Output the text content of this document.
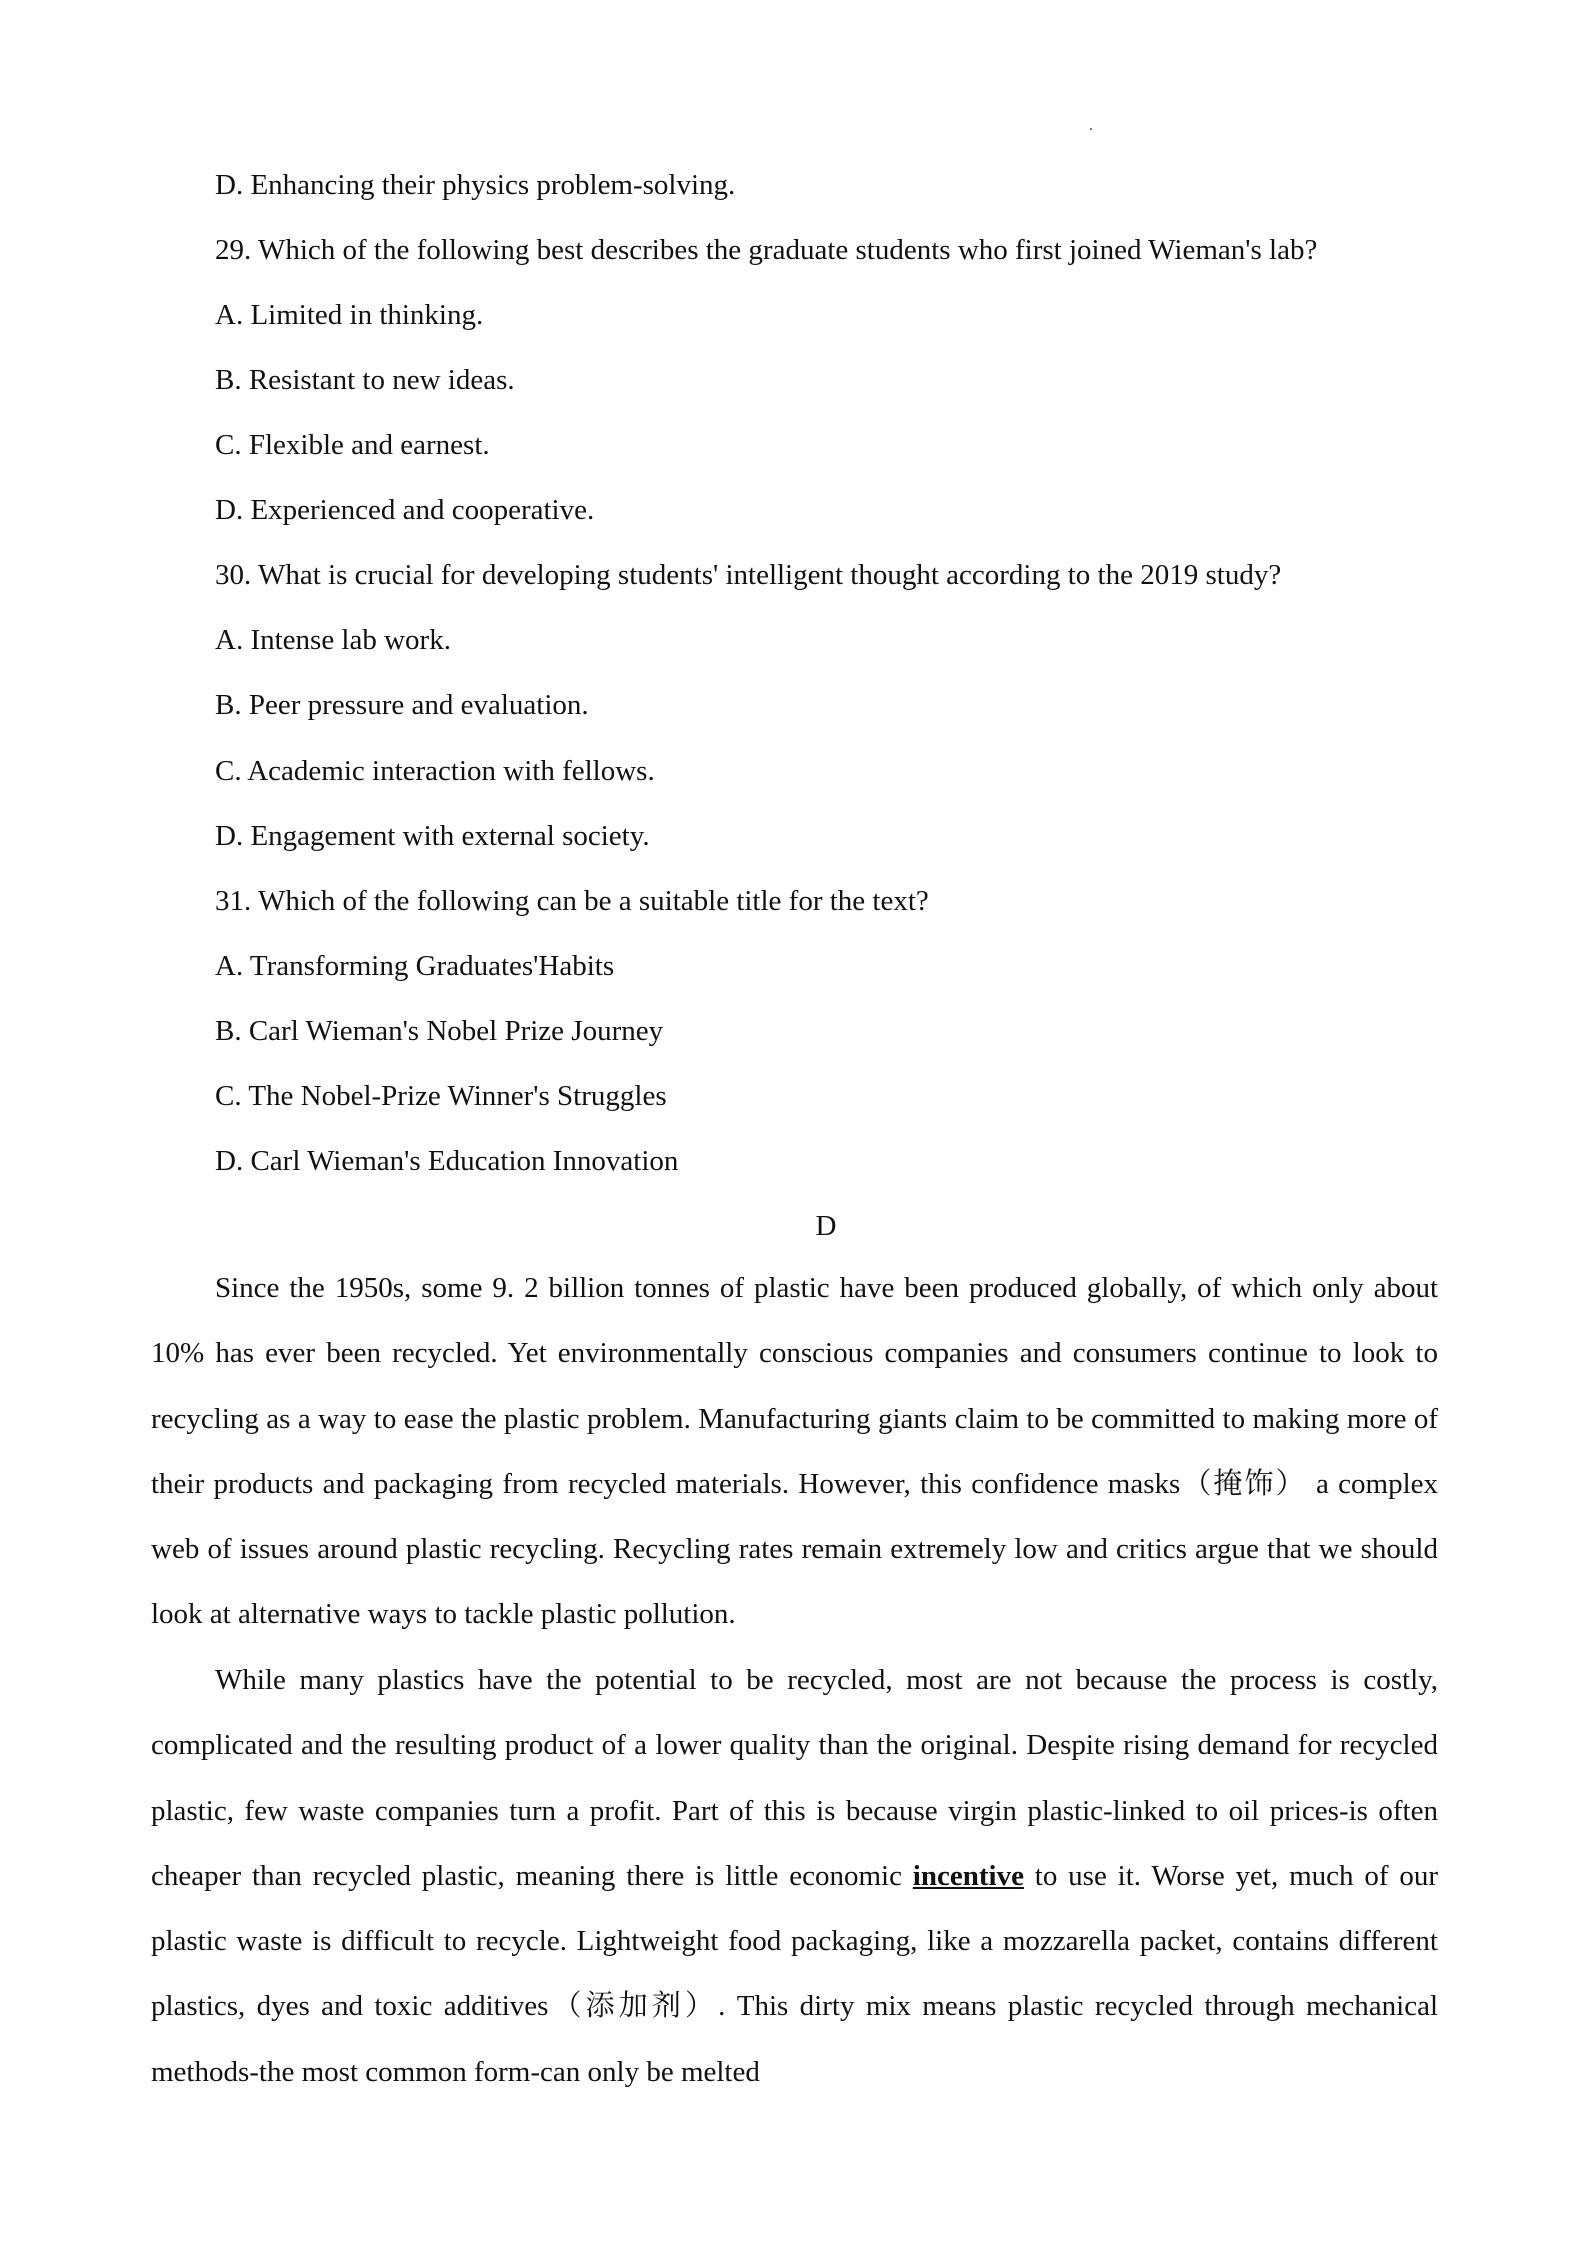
D. Enhancing their physics problem-solving.
29. Which of the following best describes the graduate students who first joined Wieman's lab?
A. Limited in thinking.
B. Resistant to new ideas.
C. Flexible and earnest.
D. Experienced and cooperative.
30. What is crucial for developing students' intelligent thought according to the 2019 study?
A. Intense lab work.
B. Peer pressure and evaluation.
C. Academic interaction with fellows.
D. Engagement with external society.
31. Which of the following can be a suitable title for the text?
A. Transforming Graduates'Habits
B. Carl Wieman's Nobel Prize Journey
C. The Nobel-Prize Winner's Struggles
D. Carl Wieman's Education Innovation
D

Since the 1950s, some 9. 2 billion tonnes of plastic have been produced globally, of which only about 10% has ever been recycled. Yet environmentally conscious companies and consumers continue to look to recycling as a way to ease the plastic problem. Manufacturing giants claim to be committed to making more of their products and packaging from recycled materials. However, this confidence masks（掩饰） a complex web of issues around plastic recycling. Recycling rates remain extremely low and critics argue that we should look at alternative ways to tackle plastic pollution.

While many plastics have the potential to be recycled, most are not because the process is costly, complicated and the resulting product of a lower quality than the original. Despite rising demand for recycled plastic, few waste companies turn a profit. Part of this is because virgin plastic-linked to oil prices-is often cheaper than recycled plastic, meaning there is little economic incentive to use it. Worse yet, much of our plastic waste is difficult to recycle. Lightweight food packaging, like a mozzarella packet, contains different plastics, dyes and toxic additives（添加剂）. This dirty mix means plastic recycled through mechanical methods-the most common form-can only be melted
